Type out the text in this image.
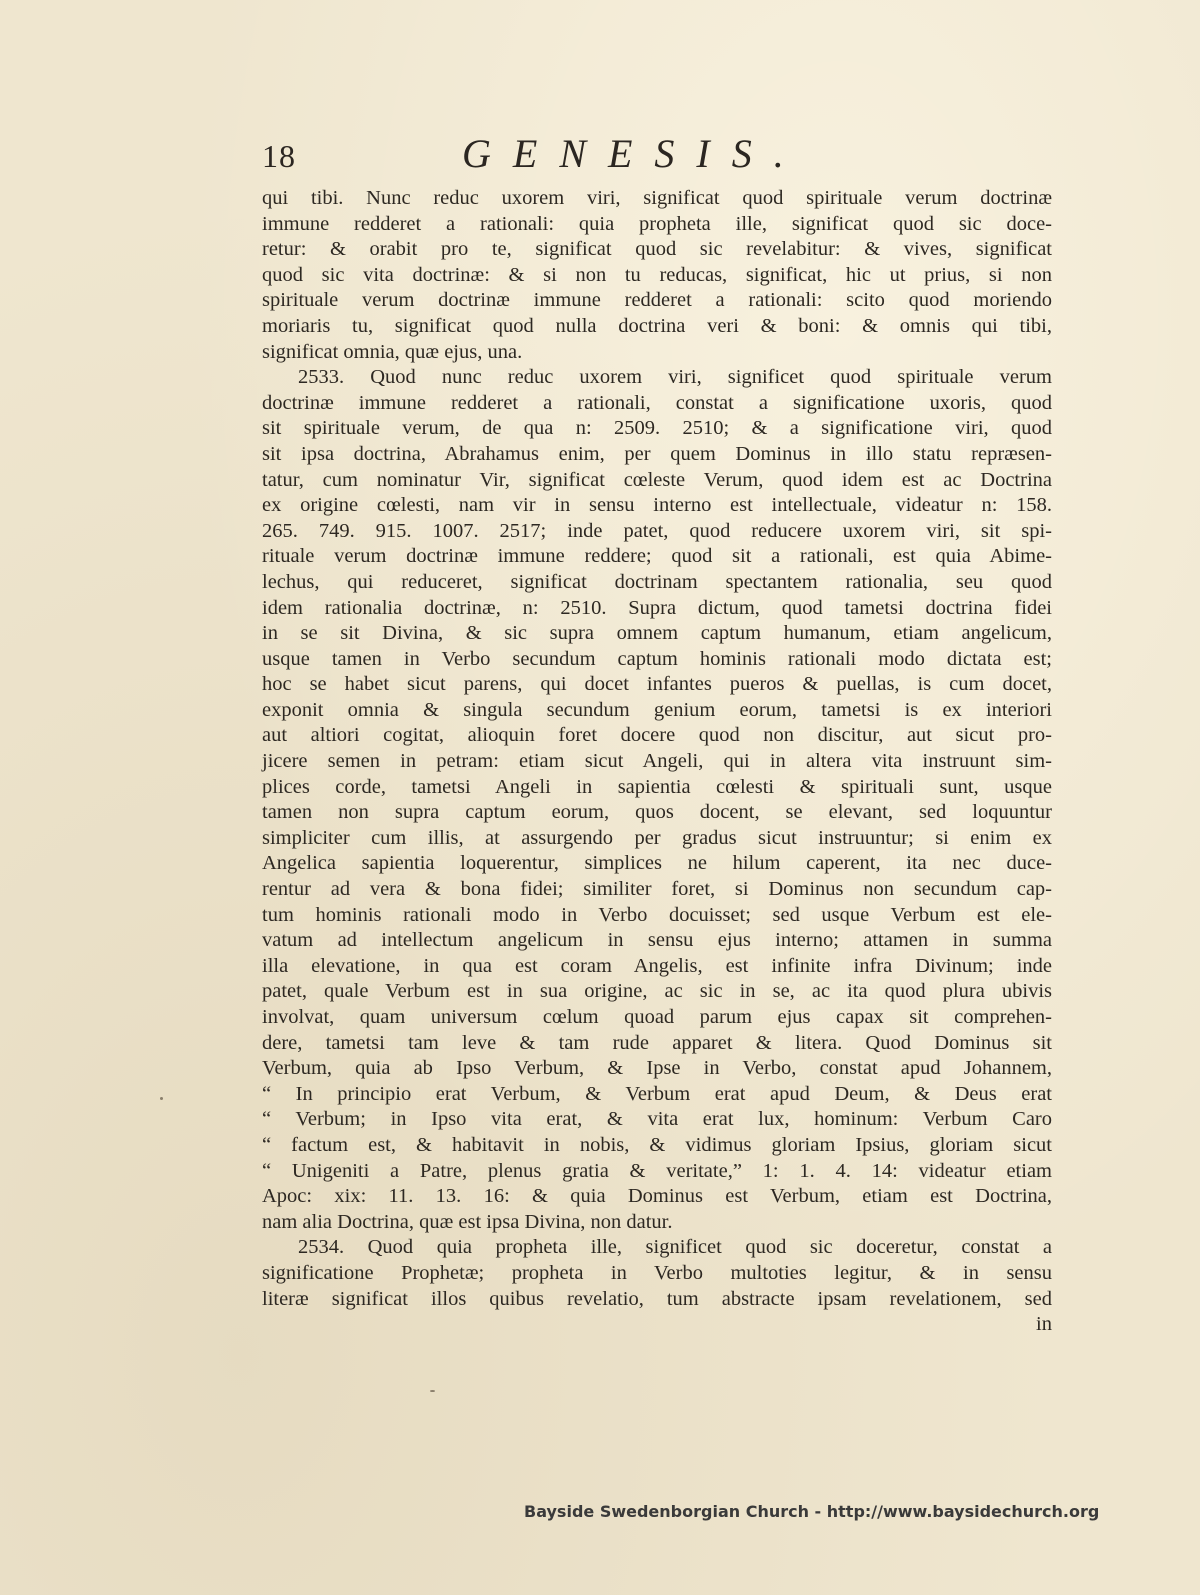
18	GENESIS.
qui tibi. Nunc reduc uxorem viri, significat quod spirituale verum doctrinæ
immune redderet a rationali: quia propheta ille, significat quod sic doce-
retur: & orabit pro te, significat quod sic revelabitur: & vives, significat
quod sic vita doctrinæ: & si non tu reducas, significat, hic ut prius, si non
spirituale verum doctrinæ immune redderet a rationali: scito quod moriendo
moriaris tu, significat quod nulla doctrina veri & boni: & omnis qui tibi,
significat omnia, quæ ejus, una.
2533. Quod nunc reduc uxorem viri, significet quod spirituale verum
doctrinæ immune redderet a rationali, constat a significatione uxoris, quod
sit spirituale verum, de qua n: 2509. 2510; & a significatione viri, quod
sit ipsa doctrina, Abrahamus enim, per quem Dominus in illo statu repræsen-
tatur, cum nominatur Vir, significat cœleste Verum, quod idem est ac Doctrina
ex origine cœlesti, nam vir in sensu interno est intellectuale, videatur n: 158.
265. 749. 915. 1007. 2517; inde patet, quod reducere uxorem viri, sit spi-
rituale verum doctrinæ immune reddere; quod sit a rationali, est quia Abime-
lechus, qui reduceret, significat doctrinam spectantem rationalia, seu quod
idem rationalia doctrinæ, n: 2510. Supra dictum, quod tametsi doctrina fidei
in se sit Divina, & sic supra omnem captum humanum, etiam angelicum,
usque tamen in Verbo secundum captum hominis rationali modo dictata est;
hoc se habet sicut parens, qui docet infantes pueros & puellas, is cum docet,
exponit omnia & singula secundum genium eorum, tametsi is ex interiori
aut altiori cogitat, alioquin foret docere quod non discitur, aut sicut pro-
jicere semen in petram: etiam sicut Angeli, qui in altera vita instruunt sim-
plices corde, tametsi Angeli in sapientia cœlesti & spirituali sunt, usque
tamen non supra captum eorum, quos docent, se elevant, sed loquuntur
simpliciter cum illis, at assurgendo per gradus sicut instruuntur; si enim ex
Angelica sapientia loquerentur, simplices ne hilum caperent, ita nec duce-
rentur ad vera & bona fidei; similiter foret, si Dominus non secundum cap-
tum hominis rationali modo in Verbo docuisset; sed usque Verbum est ele-
vatum ad intellectum angelicum in sensu ejus interno; attamen in summa
illa elevatione, in qua est coram Angelis, est infinite infra Divinum; inde
patet, quale Verbum est in sua origine, ac sic in se, ac ita quod plura ubivis
involvat, quam universum cœlum quoad parum ejus capax sit comprehen-
dere, tametsi tam leve & tam rude apparet & litera. Quod Dominus sit
Verbum, quia ab Ipso Verbum, & Ipse in Verbo, constat apud Johannem,
“ In principio erat Verbum, & Verbum erat apud Deum, & Deus erat
“ Verbum; in Ipso vita erat, & vita erat lux, hominum: Verbum Caro
“ factum est, & habitavit in nobis, & vidimus gloriam Ipsius, gloriam sicut
“ Unigeniti a Patre, plenus gratia & veritate,” 1: 1. 4. 14: videatur etiam
Apoc: xix: 11. 13. 16: & quia Dominus est Verbum, etiam est Doctrina,
nam alia Doctrina, quæ est ipsa Divina, non datur.
2534. Quod quia propheta ille, significet quod sic doceretur, constat a
significatione Prophetæ; propheta in Verbo multoties legitur, & in sensu
literæ significat illos quibus revelatio, tum abstracte ipsam revelationem, sed
in
Bayside Swedenborgian Church - http://www.baysidechurch.org
